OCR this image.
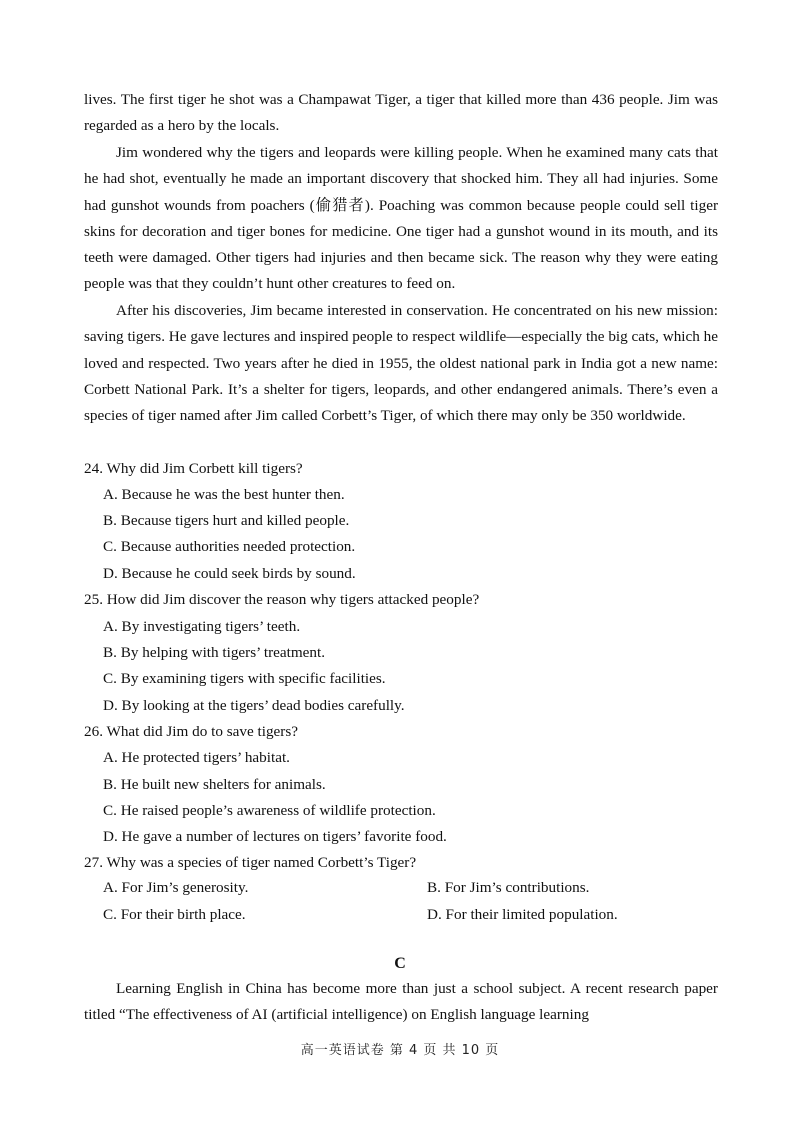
lives. The first tiger he shot was a Champawat Tiger, a tiger that killed more than 436 people. Jim was regarded as a hero by the locals.

Jim wondered why the tigers and leopards were killing people. When he examined many cats that he had shot, eventually he made an important discovery that shocked him. They all had injuries. Some had gunshot wounds from poachers (偷猎者). Poaching was common because people could sell tiger skins for decoration and tiger bones for medicine. One tiger had a gunshot wound in its mouth, and its teeth were damaged. Other tigers had injuries and then became sick. The reason why they were eating people was that they couldn’t hunt other creatures to feed on.

After his discoveries, Jim became interested in conservation. He concentrated on his new mission: saving tigers. He gave lectures and inspired people to respect wildlife—especially the big cats, which he loved and respected. Two years after he died in 1955, the oldest national park in India got a new name: Corbett National Park. It’s a shelter for tigers, leopards, and other endangered animals. There’s even a species of tiger named after Jim called Corbett’s Tiger, of which there may only be 350 worldwide.

24. Why did Jim Corbett kill tigers?

A. Because he was the best hunter then.

B. Because tigers hurt and killed people.

C. Because authorities needed protection.

D. Because he could seek birds by sound.

25. How did Jim discover the reason why tigers attacked people?

A. By investigating tigers’ teeth.

B. By helping with tigers’ treatment.

C. By examining tigers with specific facilities.

D. By looking at the tigers’ dead bodies carefully.

26. What did Jim do to save tigers?

A. He protected tigers’ habitat.

B. He built new shelters for animals.

C. He raised people’s awareness of wildlife protection.

D. He gave a number of lectures on tigers’ favorite food.

27. Why was a species of tiger named Corbett’s Tiger?

A. For Jim’s generosity.	B. For Jim’s contributions.

C. For their birth place.	D. For their limited population.

C

Learning English in China has become more than just a school subject. A recent research paper titled “The effectiveness of AI (artificial intelligence) on English language learning

高一英语试卷 第 4 页 共 10 页
